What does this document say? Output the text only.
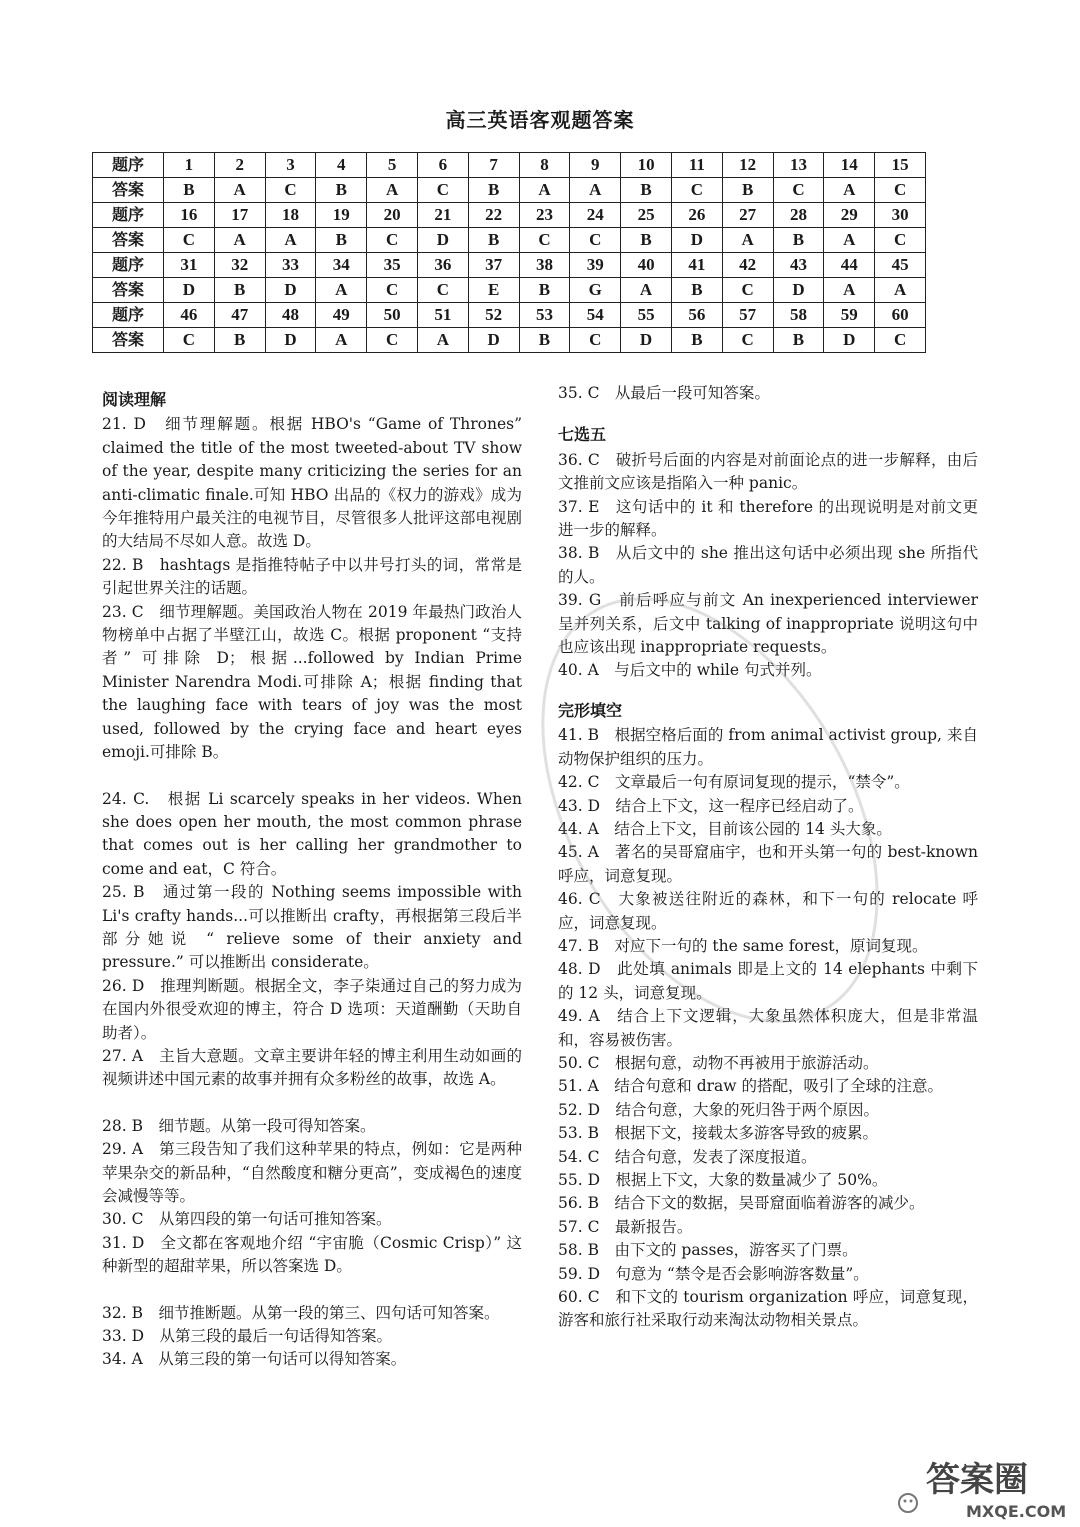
高三英语客观题答案
题序	1	2	3	4	5	6	7	8	9	10	11	12	13	14	15
答案	B	A	C	B	A	C	B	A	A	B	C	B	C	A	C
题序	16	17	18	19	20	21	22	23	24	25	26	27	28	29	30
答案	C	A	A	B	C	D	B	C	C	B	D	A	B	A	C
题序	31	32	33	34	35	36	37	38	39	40	41	42	43	44	45
答案	D	B	D	A	C	C	E	B	G	A	B	C	D	A	A
题序	46	47	48	49	50	51	52	53	54	55	56	57	58	59	60
答案	C	B	D	A	C	A	D	B	C	D	B	C	B	D	C
阅读理解

21. D　细节理解题。根据 HBO's “Game of Thrones” claimed the title of the most tweeted-about TV show of the year, despite many criticizing the series for an anti-climatic finale.可知 HBO 出品的《权力的游戏》成为今年推特用户最关注的电视节目，尽管很多人批评这部电视剧的大结局不尽如人意。故选 D。

22. B　hashtags 是指推特帖子中以井号打头的词，常常是引起世界关注的话题。

23. C　细节理解题。美国政治人物在 2019 年最热门政治人物榜单中占据了半壁江山，故选 C。根据 proponent “支持者” 可排除 D；根据...followed by Indian Prime Minister Narendra Modi.可排除 A；根据 finding that the laughing face with tears of joy was the most used, followed by the crying face and heart eyes emoji.可排除 B。

24. C.　根据 Li scarcely speaks in her videos. When she does open her mouth, the most common phrase that comes out is her calling her grandmother to come and eat，C 符合。

25. B　通过第一段的 Nothing seems impossible with Li's crafty hands...可以推断出 crafty，再根据第三段后半部分她说 “ relieve some of their anxiety and pressure.” 可以推断出 considerate。

26. D　推理判断题。根据全文，李子柒通过自己的努力成为在国内外很受欢迎的博主，符合 D 选项：天道酬勤（天助自助者）。

27. A　主旨大意题。文章主要讲年轻的博主利用生动如画的视频讲述中国元素的故事并拥有众多粉丝的故事，故选 A。

28. B　细节题。从第一段可得知答案。

29. A　第三段告知了我们这种苹果的特点，例如：它是两种苹果杂交的新品种，“自然酸度和糖分更高”，变成褐色的速度会减慢等等。

30. C　从第四段的第一句话可推知答案。

31. D　全文都在客观地介绍 “宇宙脆（Cosmic Crisp）” 这种新型的超甜苹果，所以答案选 D。

32. B　细节推断题。从第一段的第三、四句话可知答案。

33. D　从第三段的最后一句话得知答案。

34. A　从第三段的第一句话可以得知答案。

35. C　从最后一段可知答案。

七选五

36. C　破折号后面的内容是对前面论点的进一步解释，由后文推前文应该是指陷入一种 panic。

37. E　这句话中的 it 和 therefore 的出现说明是对前文更进一步的解释。

38. B　从后文中的 she 推出这句话中必须出现 she 所指代的人。

39. G　前后呼应与前文 An inexperienced interviewer 呈并列关系，后文中 talking of inappropriate 说明这句中也应该出现 inappropriate requests。

40. A　与后文中的 while 句式并列。

完形填空

41. B　根据空格后面的 from animal activist group, 来自动物保护组织的压力。

42. C　文章最后一句有原词复现的提示，“禁令”。

43. D　结合上下文，这一程序已经启动了。

44. A　结合上下文，目前该公园的 14 头大象。

45. A　著名的吴哥窟庙宇，也和开头第一句的 best-known 呼应，词意复现。

46. C　大象被送往附近的森林，和下一句的 relocate 呼应，词意复现。

47. B　对应下一句的 the same forest，原词复现。

48. D　此处填 animals 即是上文的 14 elephants 中剩下的 12 头，词意复现。

49. A　结合上下文逻辑，大象虽然体积庞大，但是非常温和，容易被伤害。

50. C　根据句意，动物不再被用于旅游活动。

51. A　结合句意和 draw 的搭配，吸引了全球的注意。

52. D　结合句意，大象的死归咎于两个原因。

53. B　根据下文，接载太多游客导致的疲累。

54. C　结合句意，发表了深度报道。

55. D　根据上下文，大象的数量减少了 50%。

56. B　结合下文的数据，吴哥窟面临着游客的减少。

57. C　最新报告。

58. B　由下文的 passes，游客买了门票。

59. D　句意为 “禁令是否会影响游客数量”。

60. C　和下文的 tourism organization 呼应，词意复现，游客和旅行社采取行动来淘汰动物相关景点。

答案圈
MXQE.COM
